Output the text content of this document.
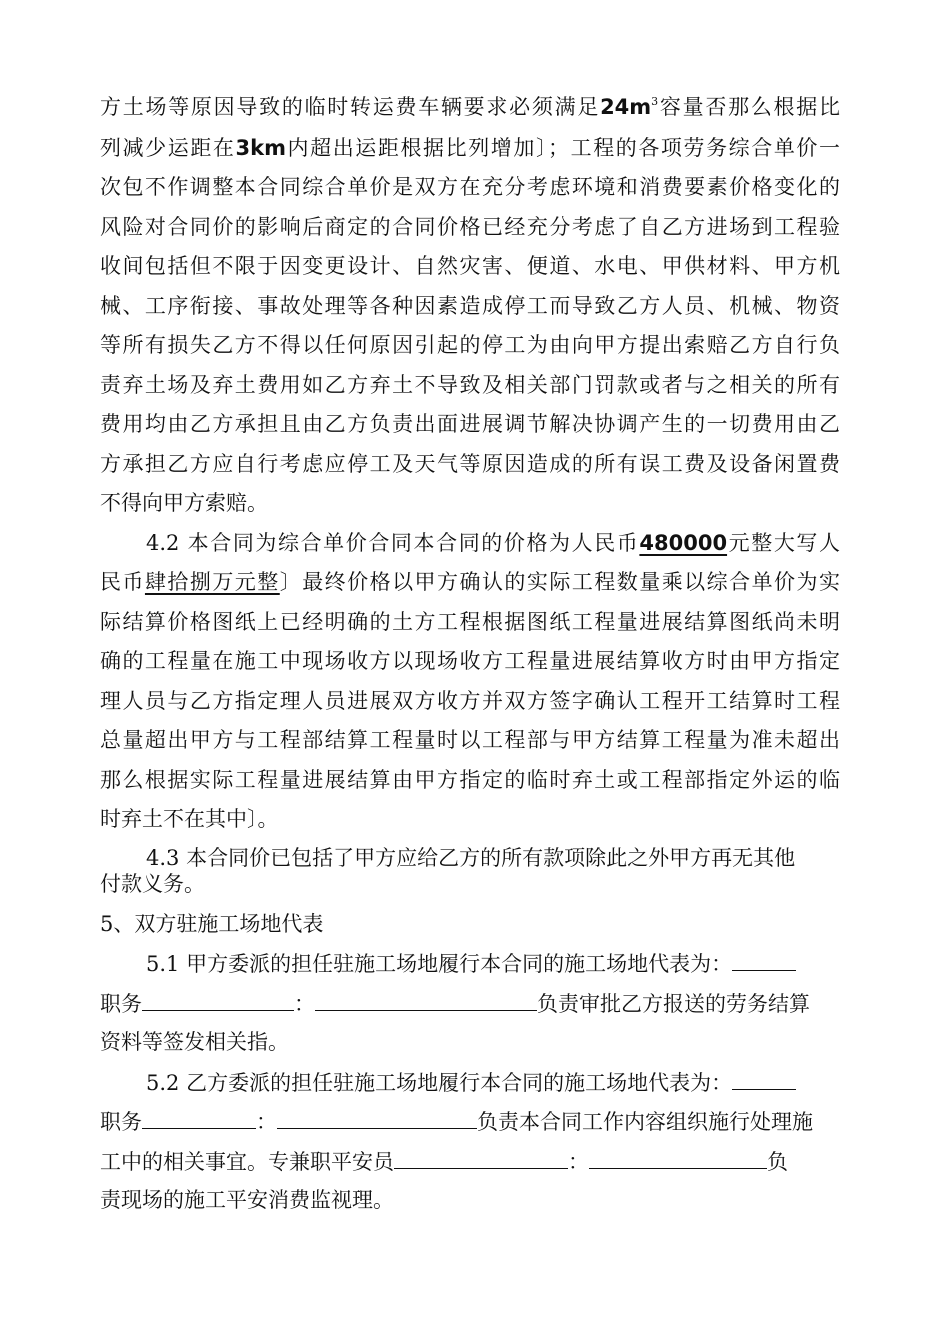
方土场等原因导致的临时转运费车辆要求必须满足$24m^3$容量否那么根据比
列减少运距在3km内超出运距根据比列增加〕；工程的各项劳务综合单价一
次包不作调整本合同综合单价是双方在充分考虑环境和消费要素价格变化的
风险对合同价的影响后商定的合同价格已经充分考虑了自乙方进场到工程验
收间包括但不限于因变更设计、自然灾害、便道、水电、甲供材料、甲方机
械、工序衔接、事故处理等各种因素造成停工而导致乙方人员、机械、物资
等所有损失乙方不得以任何原因引起的停工为由向甲方提出索赔乙方自行负
责弃土场及弃土费用如乙方弃土不导致及相关部门罚款或者与之相关的所有
费用均由乙方承担且由乙方负责出面进展调节解决协调产生的一切费用由乙
方承担乙方应自行考虑应停工及天气等原因造成的所有误工费及设备闲置费
不得向甲方索赔。
4.2 本合同为综合单价合同本合同的价格为人民币480000元整大写人
民币肆拾捌万元整〕最终价格以甲方确认的实际工程数量乘以综合单价为实
际结算价格图纸上已经明确的土方工程根据图纸工程量进展结算图纸尚未明
确的工程量在施工中现场收方以现场收方工程量进展结算收方时由甲方指定
理人员与乙方指定理人员进展双方收方并双方签字确认工程开工结算时工程
总量超出甲方与工程部结算工程量时以工程部与甲方结算工程量为准未超出
那么根据实际工程量进展结算由甲方指定的临时弃土或工程部指定外运的临
时弃土不在其中〕。
4.3 本合同价已包括了甲方应给乙方的所有款项除此之外甲方再无其他
付款义务。
5、双方驻施工场地代表
5.1 甲方委派的担任驻施工场地履行本合同的施工场地代表为：
职务	：	负责审批乙方报送的劳务结算
资料等签发相关指。
5.2 乙方委派的担任驻施工场地履行本合同的施工场地代表为：
职务	：	负责本合同工作内容组织施行处理施
工中的相关事宜。专兼职平安员	：	负
责现场的施工平安消费监视理。
